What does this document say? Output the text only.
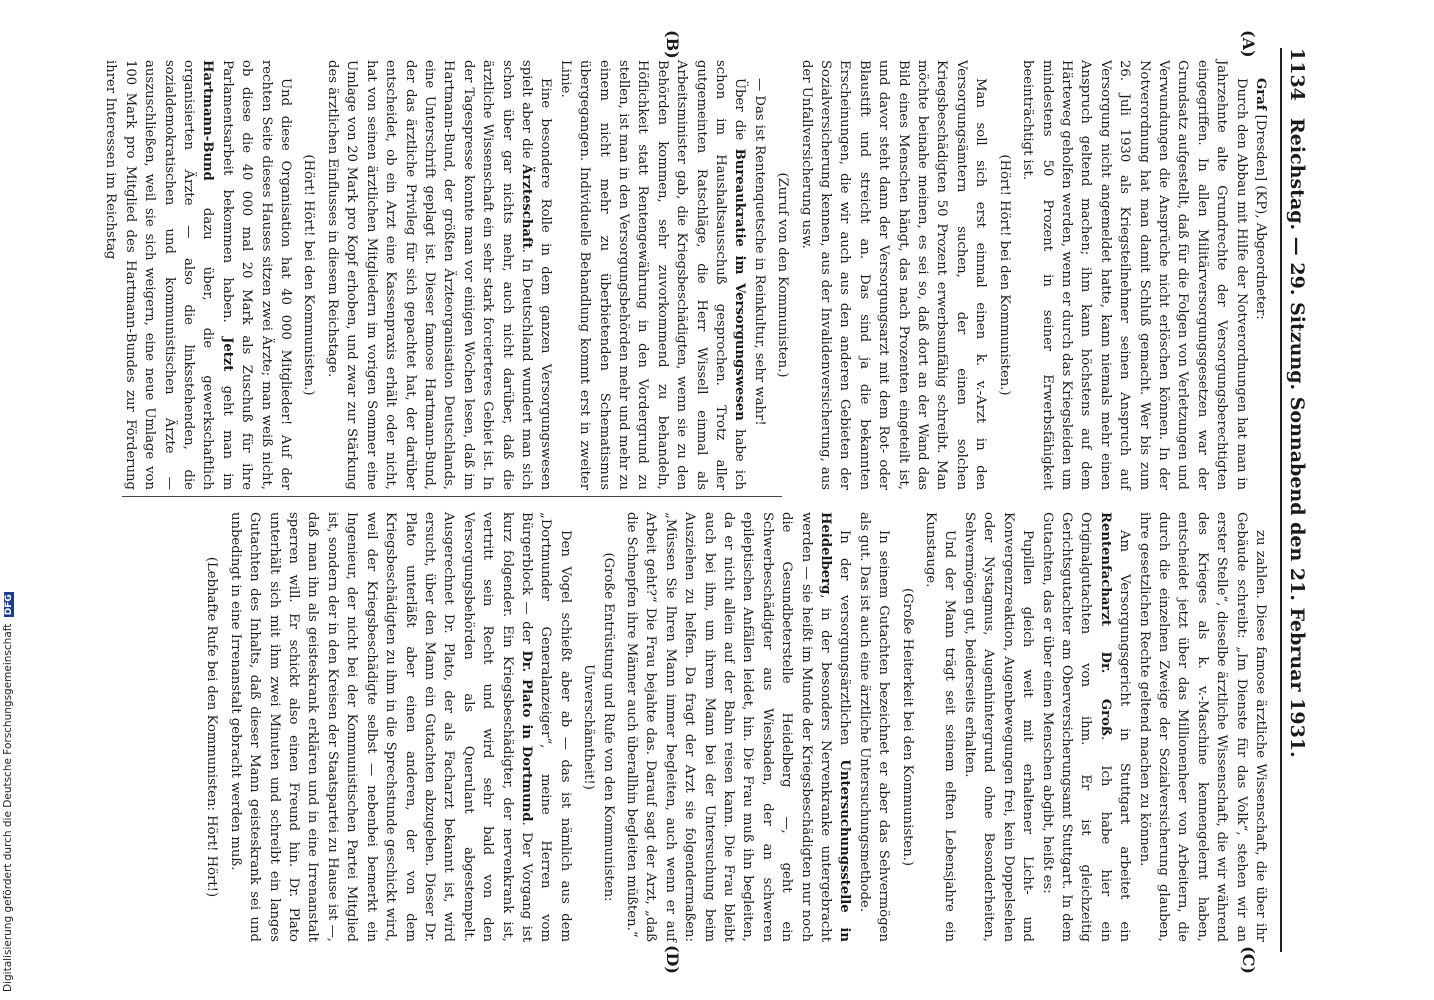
1134
Reichstag. — 29. Sitzung. Sonnabend den 21. Februar 1931.
(A)
(B)
(C)
(D)

Graf [Dresden] (KP), Abgeordneter:

Durch den Abbau mit Hilfe der Notverordnungen hat man in Jahrzehnte alte Grundrechte der Versorgungsberechtigten eingegriffen. In allen Militärversorgungsgesetzen war der Grundsatz aufgestellt, daß für die Folgen von Verletzungen und Verwundungen die Ansprüche nicht erlöschen können. In der Notverordnung hat man damit Schluß gemacht. Wer bis zum 26. Juli 1930 als Kriegsteilnehmer seinen Anspruch auf Versorgung nicht angemeldet hatte, kann niemals mehr einen Anspruch geltend machen; ihm kann höchstens auf dem Härteweg geholfen werden, wenn er durch das Kriegsleiden um mindestens 50 Prozent in seiner Erwerbsfähigkeit beeinträchtigt ist.

(Hört! Hört! bei den Kommunisten.)

Man soll sich erst einmal einen k. v.-Arzt in den Versorgungsämtern suchen, der einen solchen Kriegsbeschädigten 50 Prozent erwerbsunfähig schreibt. Man möchte beinahe meinen, es sei so, daß dort an der Wand das Bild eines Menschen hängt, das nach Prozenten eingeteilt ist, und davor steht dann der Versorgungsarzt mit dem Rot- oder Blaustift und streicht an. Das sind ja die bekannten Erscheinungen, die wir auch aus den anderen Gebieten der Sozialversicherung kennen, aus der Invalidenversicherung, aus der Unfallversicherung usw.

(Zuruf von den Kommunisten.)

— Das ist Rentenquetsche in Reinkultur, sehr wahr!

Über die Bureaukratie im Versorgungswesen habe ich schon im Haushaltsausschuß gesprochen. Trotz aller gutgemeinten Ratschläge, die Herr Wissell einmal als Arbeitsminister gab, die Kriegsbeschädigten, wenn sie zu den Behörden kommen, sehr zuvorkommend zu behandeln, Höflichkeit statt Rentengewährung in den Vordergrund zu stellen, ist man in den Versorgungsbehörden mehr und mehr zu einem nicht mehr zu überbietenden Schematismus übergegangen. Individuelle Behandlung kommt erst in zweiter Linie.

Eine besondere Rolle in dem ganzen Versorgungswesen spielt aber die Ärzteschaft. In Deutschland wundert man sich schon über gar nichts mehr, auch nicht darüber, daß die ärztliche Wissenschaft ein sehr stark forcierteres Gebiet ist. In der Tagespresse konnte man vor einigen Wochen lesen, daß im Hartmann-Bund, der größten Ärzteorganisation Deutschlands, eine Unterschrift geplagt ist. Dieser famose Hartmann-Bund, der das ärztliche Privileg für sich gepachtet hat, der darüber entscheidet, ob ein Arzt eine Kassenpraxis erhält oder nicht, hat von seinen ärztlichen Mitgliedern im vorigen Sommer eine Umlage von 20 Mark pro Kopf erhoben, und zwar zur Stärkung des ärztlichen Einflusses in diesem Reichstage.

(Hört! Hört! bei den Kommunisten.)

Und diese Organisation hat 40 000 Mitglieder! Auf der rechten Seite dieses Hauses sitzen zwei Ärzte; man weiß nicht, ob diese die 40 000 mal 20 Mark als Zuschuß für ihre Parlamentsarbeit bekommen haben. Jetzt geht man im Hartmann-Bund dazu über, die gewerkschaftlich organisierten Ärzte — also die linksstehenden, die sozialdemokratischen und kommunistischen Ärzte — auszuschließen, weil sie sich weigern, eine neue Umlage von 100 Mark pro Mitglied des Hartmann-Bundes zur Förderung ihrer Interessen im Reichstag

zu zahlen. Diese famose ärztliche Wissenschaft, die über ihr Gebäude schreibt: „Im Dienste für das Volk“, stehen wir an erster Stelle“, dieselbe ärztliche Wissenschaft, die wir während des Krieges als k. v.-Maschine kennengelernt haben, entscheidet jetzt über das Millionenheer von Arbeitern, die durch die einzelnen Zweige der Sozialversicherung glauben, ihre gesetzlichen Rechte geltend machen zu können.

Am Versorgungsgericht in Stuttgart arbeitet ein Rentenfacharzt Dr. Groß. Ich habe hier ein Originalgutachten von ihm. Er ist gleichzeitig Gerichtsgutachter am Oberversicherungsamt Stuttgart. In dem Gutachten, das er über einen Menschen abgibt, heißt es:

Pupillen gleich weit mit erhaltener Licht- und Konvergenzreaktion, Augenbewegungen frei, kein Doppelsehen oder Nystagmus, Augenhintergrund ohne Besonderheiten, Sehvermögen gut, beiderseits erhalten.

Und der Mann trägt seit seinem elften Lebensjahre ein Kunstauge.

(Große Heiterkeit bei den Kommunisten.)

In seinem Gutachten bezeichnet er aber das Sehvermögen als gut. Das ist auch eine ärztliche Untersuchungsmethode.

In der versorgungsärztlichen Untersuchungsstelle in Heidelberg, in der besonders Nervenkranke untergebracht werden — sie heißt im Munde der Kriegsbeschädigten nur noch die Gesundbeterstelle Heidelberg —, geht ein Schwerbeschädigter aus Wiesbaden, der an schweren epileptischen Anfällen leidet, hin. Die Frau muß ihn begleiten, da er nicht allein auf der Bahn reisen kann. Die Frau bleibt auch bei ihm, um ihrem Mann bei der Untersuchung beim Ausziehen zu helfen. Da fragt der Arzt sie folgendermaßen: „Müssen Sie Ihren Mann immer begleiten, auch wenn er auf Arbeit geht?“ Die Frau bejahte das. Darauf sagt der Arzt, „daß die Schnepfen ihre Männer auch überallhin begleiten müßten.“

(Große Entrüstung und Rufe von den Kommunisten: Unverschämtheit!)

Den Vogel schießt aber ab — das ist nämlich aus dem „Dortmunder Generalanzeiger“, meine Herren vom Bürgerblock — der Dr. Plato in Dortmund. Der Vorgang ist kurz folgender. Ein Kriegsbeschädigter, der nervenkrank ist, vertritt sein Recht und wird sehr bald von den Versorgungsbehörden als Querulant abgestempelt. Ausgerechnet Dr. Plato, der als Facharzt bekannt ist, wird ersucht, über den Mann ein Gutachten abzugeben. Dieser Dr. Plato unterläßt aber einen anderen, der von dem Kriegsbeschädigten zu ihm in die Sprechstunde geschickt wird, weil der Kriegsbeschädigte selbst — nebenbei bemerkt ein Ingenieur, der nicht bei der Kommunistischen Partei Mitglied ist, sondern der in den Kreisen der Staatspartei zu Hause ist —, daß man ihn als geisteskrank erklären und in eine Irrenanstalt sperren will. Er schickt also einen Freund hin. Dr. Plato unterhält sich mit ihm zwei Minuten und schreibt ein langes Gutachten des Inhalts, daß dieser Mann geisteskrank sei und unbedingt in eine Irrenanstalt gebracht werden muß.

(Lebhafte Rufe bei den Kommunisten: Hört! Hört!)

Digitalisierung gefördert durch die Deutsche Forschungsgemeinschaft DFG
